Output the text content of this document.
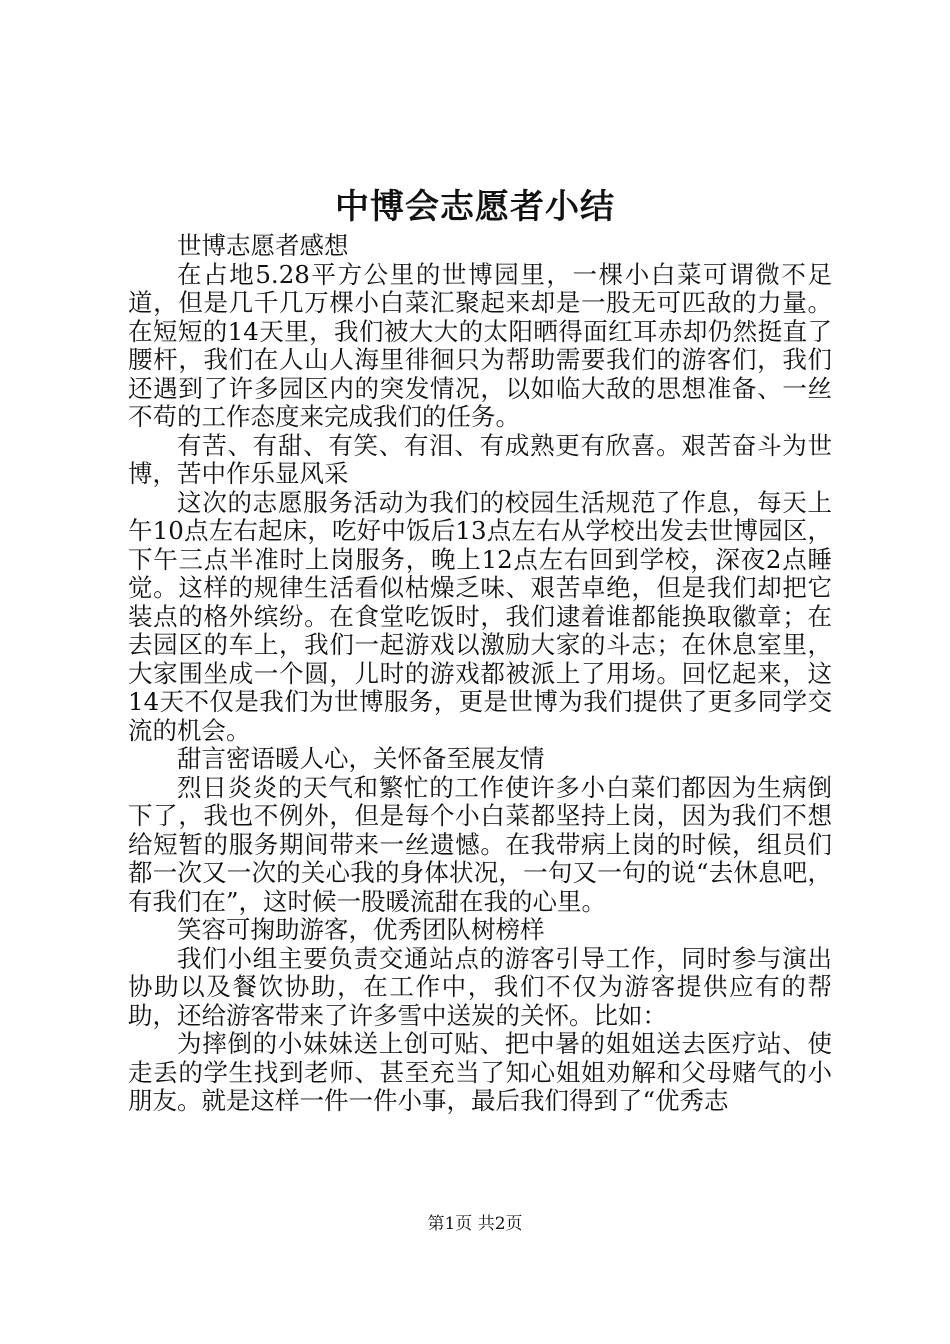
中博会志愿者小结

世博志愿者感想

在占地5.28平方公里的世博园里，一棵小白菜可谓微不足道，但是几千几万棵小白菜汇聚起来却是一股无可匹敌的力量。在短短的14天里，我们被大大的太阳晒得面红耳赤却仍然挺直了腰杆，我们在人山人海里徘徊只为帮助需要我们的游客们，我们还遇到了许多园区内的突发情况，以如临大敌的思想准备、一丝不苟的工作态度来完成我们的任务。

有苦、有甜、有笑、有泪、有成熟更有欣喜。艰苦奋斗为世博，苦中作乐显风采

这次的志愿服务活动为我们的校园生活规范了作息，每天上午10点左右起床，吃好中饭后13点左右从学校出发去世博园区，下午三点半准时上岗服务，晚上12点左右回到学校，深夜2点睡觉。这样的规律生活看似枯燥乏味、艰苦卓绝，但是我们却把它装点的格外缤纷。在食堂吃饭时，我们逮着谁都能换取徽章；在去园区的车上，我们一起游戏以激励大家的斗志；在休息室里，大家围坐成一个圆，儿时的游戏都被派上了用场。回忆起来，这14天不仅是我们为世博服务，更是世博为我们提供了更多同学交流的机会。

甜言密语暖人心，关怀备至展友情

烈日炎炎的天气和繁忙的工作使许多小白菜们都因为生病倒下了，我也不例外，但是每个小白菜都坚持上岗，因为我们不想给短暂的服务期间带来一丝遗憾。在我带病上岗的时候，组员们都一次又一次的关心我的身体状况，一句又一句的说“去休息吧，有我们在”，这时候一股暖流甜在我的心里。

笑容可掬助游客，优秀团队树榜样

我们小组主要负责交通站点的游客引导工作，同时参与演出协助以及餐饮协助，在工作中，我们不仅为游客提供应有的帮助，还给游客带来了许多雪中送炭的关怀。比如：

为摔倒的小妹妹送上创可贴、把中暑的姐姐送去医疗站、使走丢的学生找到老师、甚至充当了知心姐姐劝解和父母赌气的小朋友。就是这样一件一件小事，最后我们得到了“优秀志

第1页 共2页
